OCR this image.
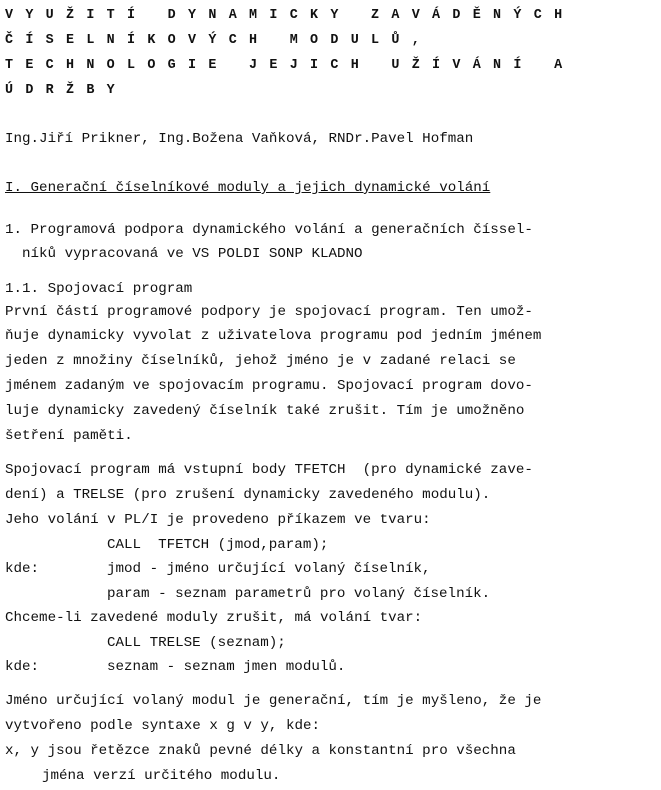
VYUŽITÍ DYNAMICKY ZAVÁDĚNÝCH
ČÍSELNÍKOVÝCH MODULŮ,
TECHNOLOGIE JEJICH UŽÍVÁNÍ A
ÚDRŽBY
Ing.Jiří Prikner, Ing.Božena Vaňková, RNDr.Pavel Hofman
I. Generační číselníkové moduly a jejich dynamické volání
1. Programová podpora dynamického volání a generačních číssel-
níků vypracovaná ve VS POLDI SONP KLADNO
1.1. Spojovací program
První částí programové podpory je spojovací program. Ten umož-
ňuje dynamicky vyvolat z uživatelova programu pod jedním jménem
jeden z množiny číselníků, jehož jméno je v zadané relaci se
jménem zadaným ve spojovacím programu. Spojovací program dovo-
luje dynamicky zavedený číselník také zrušit. Tím je umožněno
šetření paměti.
Spojovací program má vstupní body TFETCH  (pro dynamické zave-
dení) a TRELSE (pro zrušení dynamicky zavedeného modulu).
Jeho volání v PL/I je provedeno příkazem ve tvaru:
CALL  TFETCH (jmod,param);
kde:	jmod - jméno určující volaný číselník,
param - seznam parametrů pro volaný číselník.
Chceme-li zavedené moduly zrušit, má volání tvar:
CALL TRELSE (seznam);
kde:	seznam - seznam jmen modulů.
Jméno určující volaný modul je generační, tím je myšleno, že je
vytvořeno podle syntaxe x g v y, kde:
x, y jsou řetězce znaků pevné délky a konstantní pro všechna
jména verzí určitého modulu.
